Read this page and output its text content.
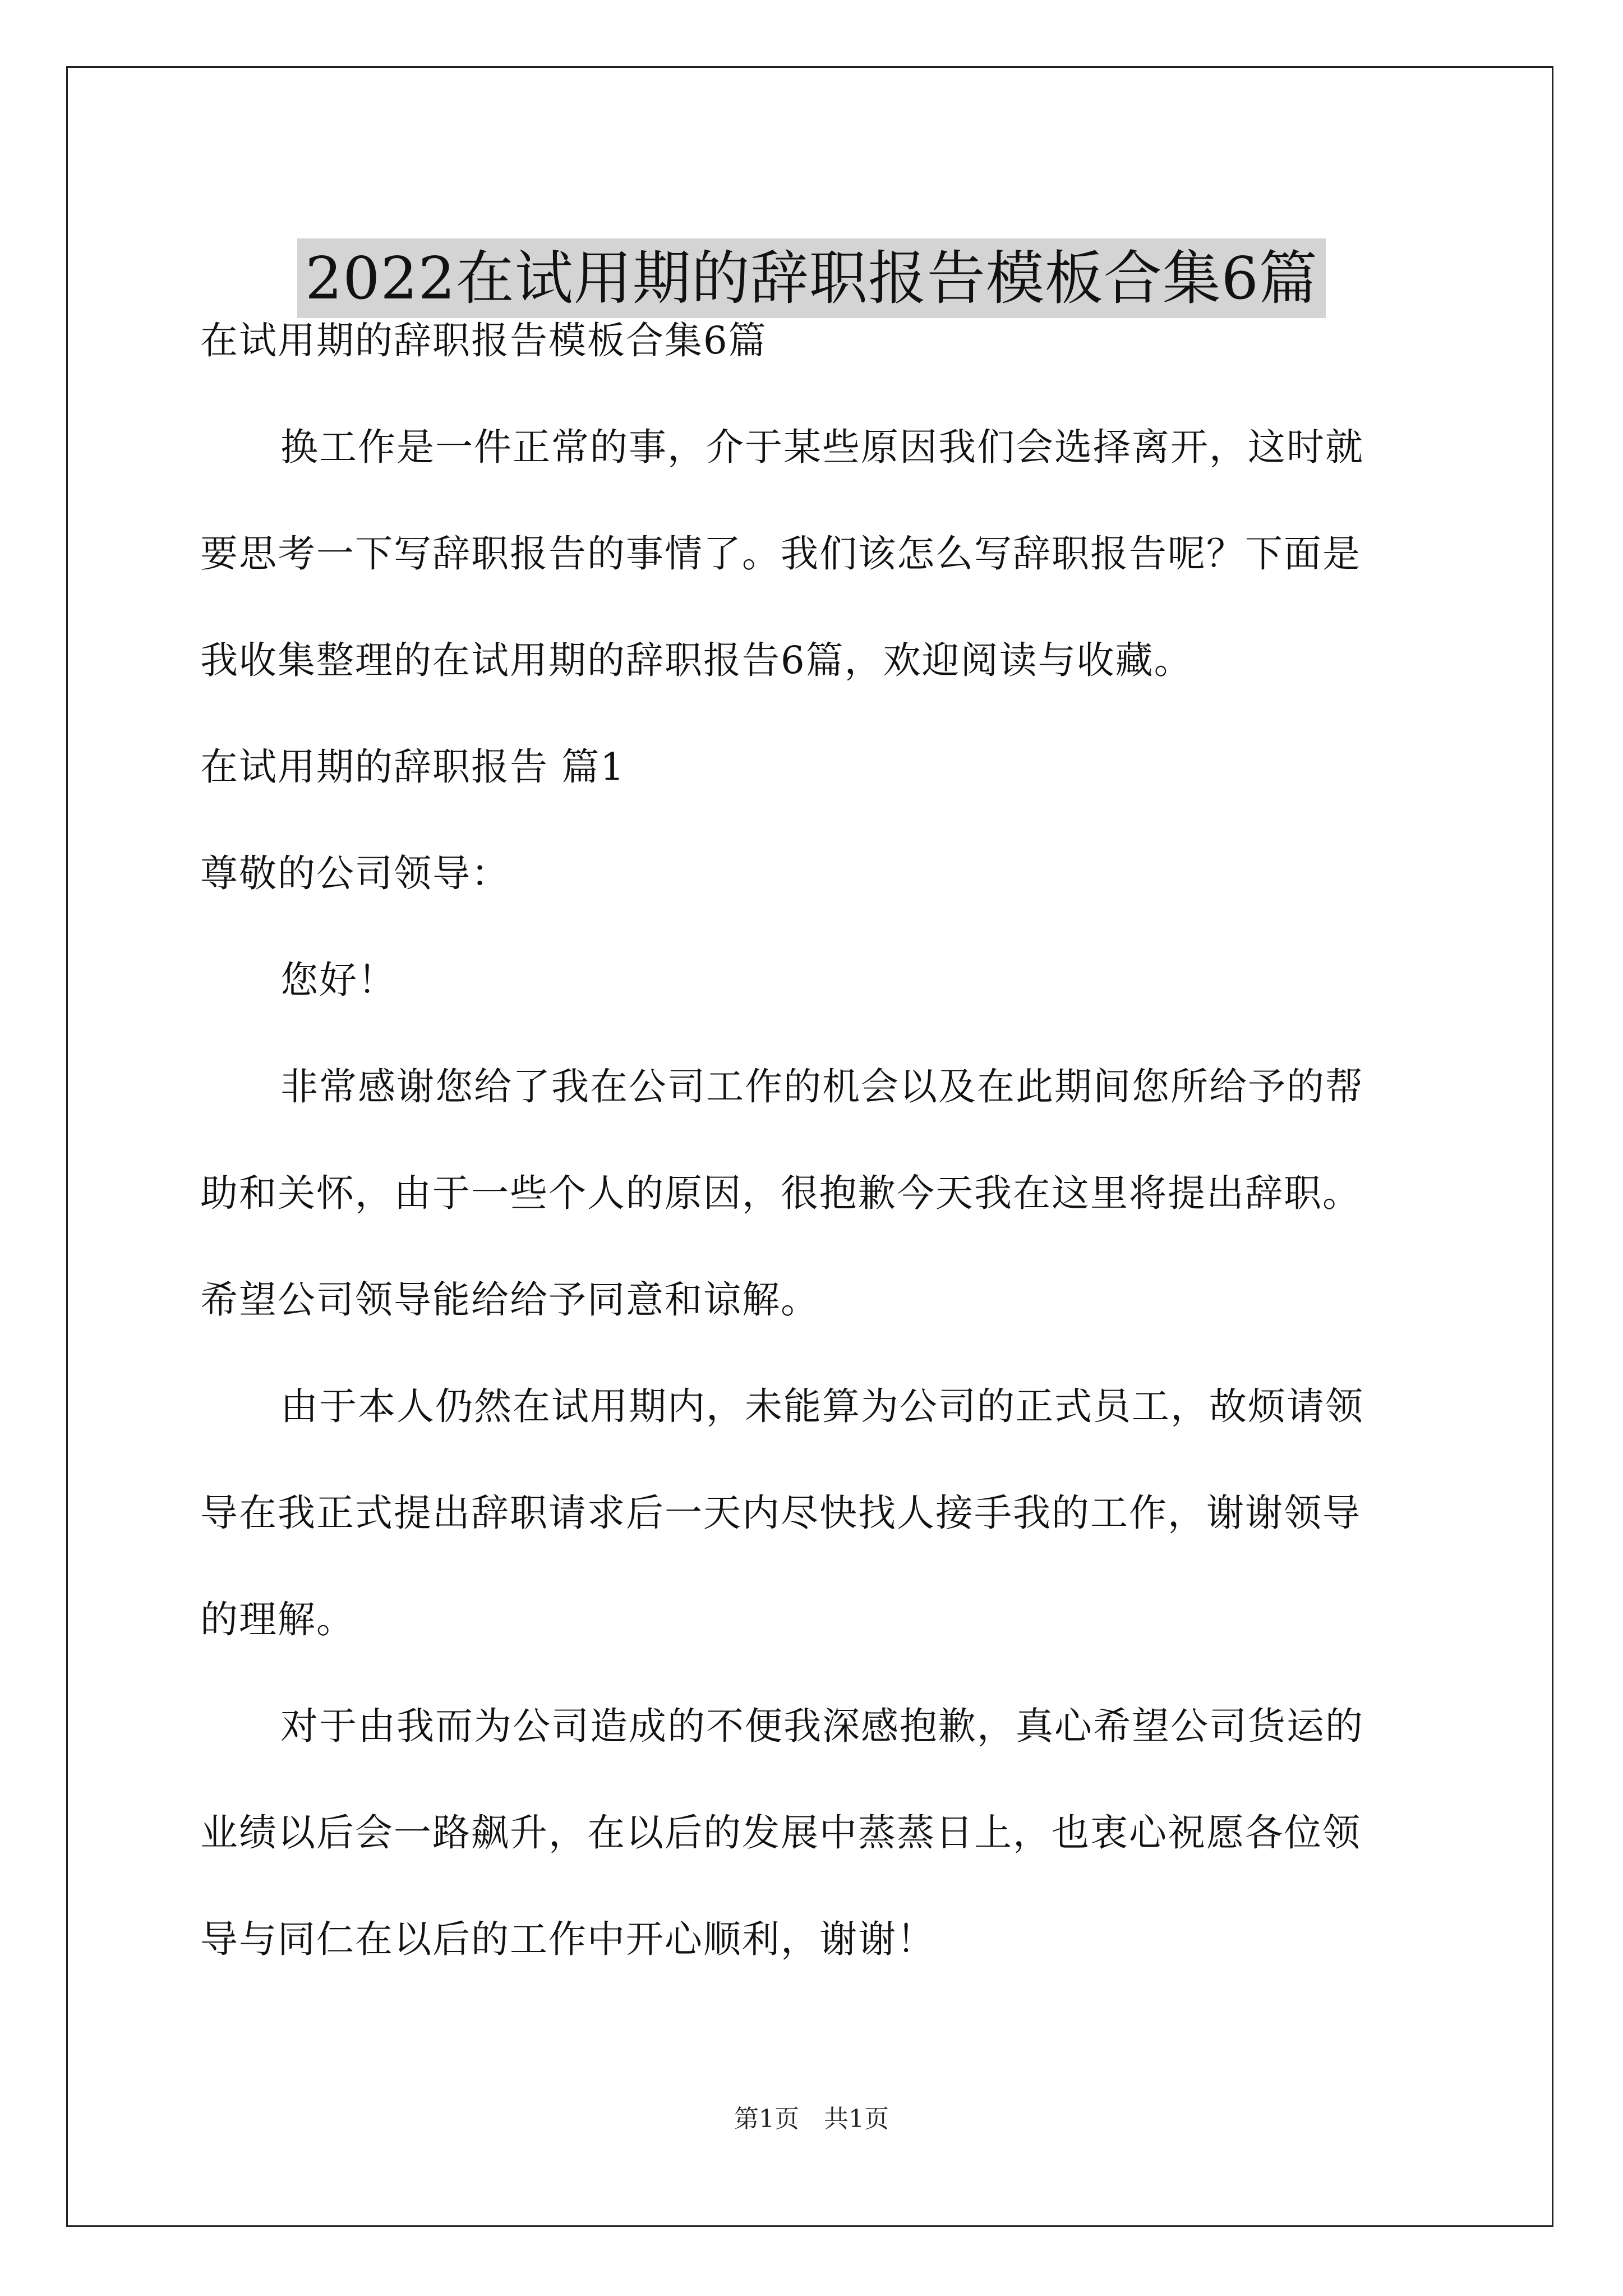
2022在试用期的辞职报告模板合集6篇
在试用期的辞职报告模板合集6篇
换工作是一件正常的事，介于某些原因我们会选择离开，这时就
要思考一下写辞职报告的事情了。我们该怎么写辞职报告呢？下面是
我收集整理的在试用期的辞职报告6篇，欢迎阅读与收藏。
在试用期的辞职报告 篇1
尊敬的公司领导：
您好！
非常感谢您给了我在公司工作的机会以及在此期间您所给予的帮
助和关怀，由于一些个人的原因，很抱歉今天我在这里将提出辞职。
希望公司领导能给给予同意和谅解。
由于本人仍然在试用期内，未能算为公司的正式员工，故烦请领
导在我正式提出辞职请求后一天内尽快找人接手我的工作，谢谢领导
的理解。
对于由我而为公司造成的不便我深感抱歉，真心希望公司货运的
业绩以后会一路飙升，在以后的发展中蒸蒸日上，也衷心祝愿各位领
导与同仁在以后的工作中开心顺利，谢谢！
第1页 共1页
